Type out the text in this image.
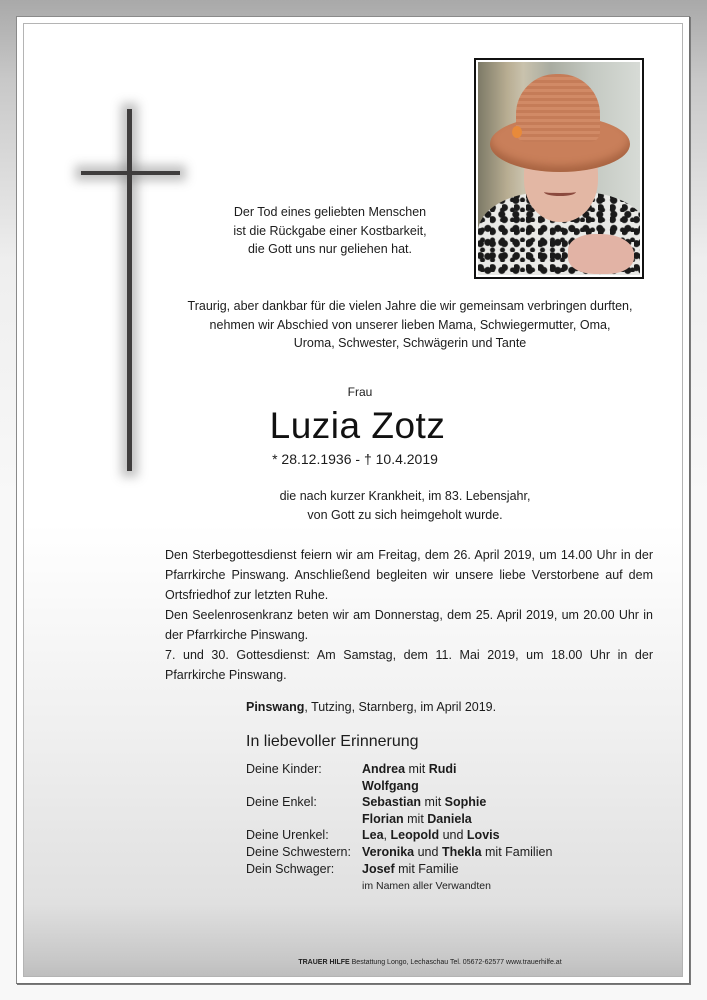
Der Tod eines geliebten Menschen
ist die Rückgabe einer Kostbarkeit,
die Gott uns nur geliehen hat.
Traurig, aber dankbar für die vielen Jahre die wir gemeinsam verbringen durften,
nehmen wir Abschied von unserer lieben Mama, Schwiegermutter, Oma,
Uroma, Schwester, Schwägerin und Tante
Frau
Luzia Zotz
* 28.12.1936 - † 10.4.2019
die nach kurzer Krankheit, im 83. Lebensjahr,
von Gott zu sich heimgeholt wurde.

Den Sterbegottesdienst feiern wir am Freitag, dem 26. April 2019, um 14.00 Uhr in der Pfarrkirche Pinswang. Anschließend begleiten wir unsere liebe Verstorbene auf dem Ortsfriedhof zur letzten Ruhe.

Den Seelenrosenkranz beten wir am Donnerstag, dem 25. April 2019, um 20.00 Uhr in der Pfarrkirche Pinswang.

7. und 30. Gottesdienst: Am Samstag, dem 11. Mai 2019, um 18.00 Uhr in der Pfarrkirche Pinswang.

Pinswang, Tutzing, Starnberg, im April 2019.
In liebevoller Erinnerung
Deine Kinder:	Andrea mit Rudi
Wolfgang
Deine Enkel:	Sebastian mit Sophie
Florian mit Daniela
Deine Urenkel:	Lea, Leopold und Lovis
Deine Schwestern: Veronika und Thekla mit Familien
Dein Schwager:	Josef mit Familie
im Namen aller Verwandten
TRAUER HILFE Bestattung Longo, Lechaschau Tel. 05672-62577 www.trauerhilfe.at
